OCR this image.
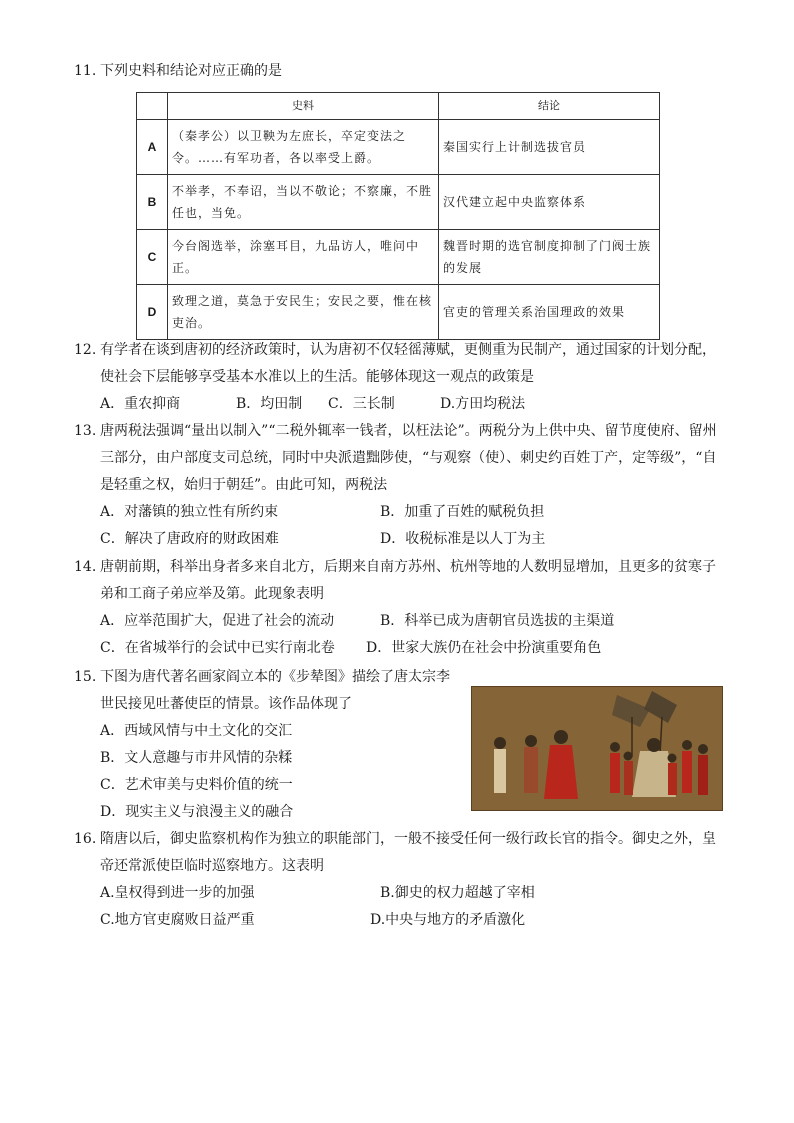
11. 下列史料和结论对应正确的是
	史料	结论
A	（秦孝公）以卫鞅为左庶长，卒定变法之令。……有军功者，各以率受上爵。	秦国实行上计制选拔官员
B	不举孝，不奉诏，当以不敬论；不察廉，不胜任也，当免。	汉代建立起中央监察体系
C	今台阁选举，涂塞耳目，九品访人，唯问中正。	魏晋时期的选官制度抑制了门阀士族的发展
D	致理之道，莫急于安民生；安民之要，惟在核吏治。	官吏的管理关系治国理政的效果
12. 有学者在谈到唐初的经济政策时，认为唐初不仅轻徭薄赋，更侧重为民制产，通过国家的计划分配，使社会下层能够享受基本水准以上的生活。能够体现这一观点的政策是
A．重农抑商	B．均田制 C．三长制	D.方田均税法
13. 唐两税法强调“量出以制入”“二税外辄率一钱者，以枉法论”。两税分为上供中央、留节度使府、留州三部分，由户部度支司总统，同时中央派遣黜陟使，“与观察（使）、刺史约百姓丁产，定等级”，“自是轻重之权，始归于朝廷”。由此可知，两税法
A．对藩镇的独立性有所约束	B．加重了百姓的赋税负担
C．解决了唐政府的财政困难	D．收税标准是以人丁为主
14. 唐朝前期，科举出身者多来自北方，后期来自南方苏州、杭州等地的人数明显增加，且更多的贫寒子弟和工商子弟应举及第。此现象表明
A．应举范围扩大，促进了社会的流动	B．科举已成为唐朝官员选拔的主渠道
C．在省城举行的会试中已实行南北卷 D．世家大族仍在社会中扮演重要角色
15. 下图为唐代著名画家阎立本的《步辇图》描绘了唐太宗李
世民接见吐蕃使臣的情景。该作品体现了
A．西域风情与中土文化的交汇
B．文人意趣与市井风情的杂糅
C．艺术审美与史料价值的统一
D．现实主义与浪漫主义的融合
16. 隋唐以后，御史监察机构作为独立的职能部门，一般不接受任何一级行政长官的指令。御史之外，皇帝还常派使臣临时巡察地方。这表明
A.皇权得到进一步的加强	B.御史的权力超越了宰相
C.地方官吏腐败日益严重	D.中央与地方的矛盾激化
